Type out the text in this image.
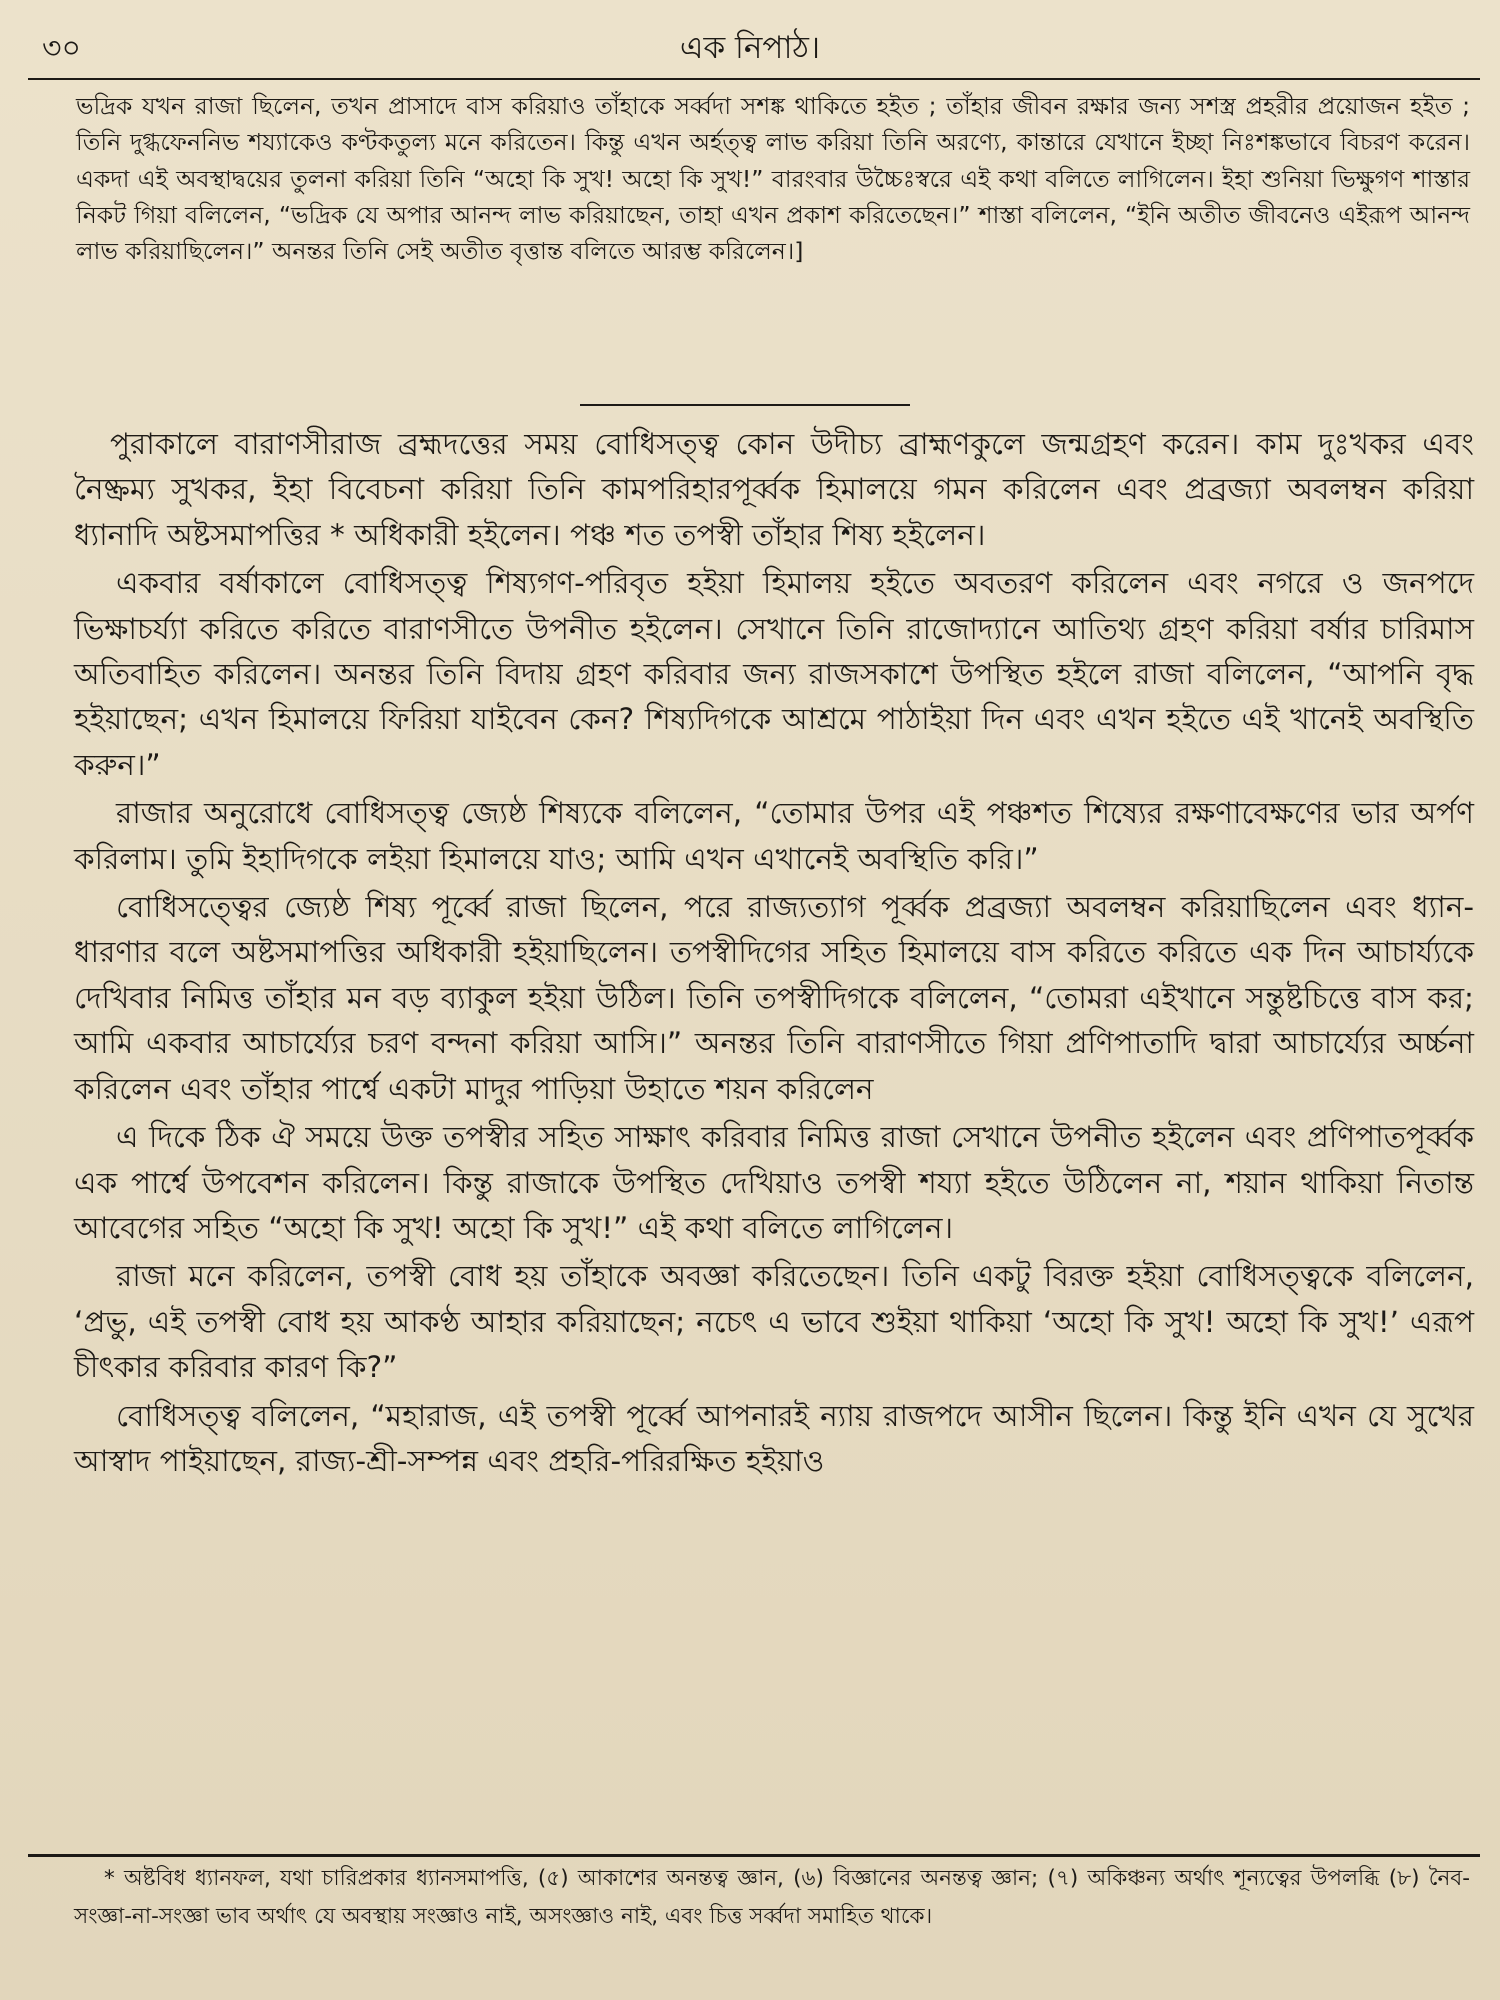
৩০	এক নিপাঠ।

ভদ্রিক যখন রাজা ছিলেন, তখন প্রাসাদে বাস করিয়াও তাঁহাকে সর্ব্বদা সশঙ্ক থাকিতে হইত ; তাঁহার জীবন রক্ষার জন্য সশস্ত্র প্রহরীর প্রয়োজন হইত ; তিনি দুগ্ধফেননিভ শয্যাকেও কণ্টকতুল্য মনে করিতেন। কিন্তু এখন অর্হত্ত্ব লাভ করিয়া তিনি অরণ্যে, কান্তারে যেখানে ইচ্ছা নিঃশঙ্কভাবে বিচরণ করেন। একদা এই অবস্থাদ্বয়ের তুলনা করিয়া তিনি “অহো কি সুখ! অহো কি সুখ!” বারংবার উচ্চৈঃস্বরে এই কথা বলিতে লাগিলেন। ইহা শুনিয়া ভিক্ষুগণ শাস্তার নিকট গিয়া বলিলেন, “ভদ্রিক যে অপার আনন্দ লাভ করিয়াছেন, তাহা এখন প্রকাশ করিতেছেন।” শাস্তা বলিলেন, “ইনি অতীত জীবনেও এইরূপ আনন্দ লাভ করিয়াছিলেন।” অনন্তর তিনি সেই অতীত বৃত্তান্ত বলিতে আরম্ভ করিলেন।]

পুরাকালে বারাণসীরাজ ব্রহ্মদত্তের সময় বোধিসত্ত্ব কোন উদীচ্য ব্রাহ্মণকুলে জন্মগ্রহণ করেন। কাম দুঃখকর এবং নৈষ্ক্রম্য সুখকর, ইহা বিবেচনা করিয়া তিনি কামপরিহারপূর্ব্বক হিমালয়ে গমন করিলেন এবং প্রব্রজ্যা অবলম্বন করিয়া ধ্যানাদি অষ্টসমাপত্তির * অধিকারী হইলেন। পঞ্চ শত তপস্বী তাঁহার শিষ্য হইলেন।

একবার বর্ষাকালে বোধিসত্ত্ব শিষ্যগণ-পরিবৃত হইয়া হিমালয় হইতে অবতরণ করিলেন এবং নগরে ও জনপদে ভিক্ষাচর্য্যা করিতে করিতে বারাণসীতে উপনীত হইলেন। সেখানে তিনি রাজোদ্যানে আতিথ্য গ্রহণ করিয়া বর্ষার চারিমাস অতিবাহিত করিলেন। অনন্তর তিনি বিদায় গ্রহণ করিবার জন্য রাজসকাশে উপস্থিত হইলে রাজা বলিলেন, “আপনি বৃদ্ধ হইয়াছেন; এখন হিমালয়ে ফিরিয়া যাইবেন কেন? শিষ্যদিগকে আশ্রমে পাঠাইয়া দিন এবং এখন হইতে এই খানেই অবস্থিতি করুন।”

রাজার অনুরোধে বোধিসত্ত্ব জ্যেষ্ঠ শিষ্যকে বলিলেন, “তোমার উপর এই পঞ্চশত শিষ্যের রক্ষণাবেক্ষণের ভার অর্পণ করিলাম। তুমি ইহাদিগকে লইয়া হিমালয়ে যাও; আমি এখন এখানেই অবস্থিতি করি।”

বোধিসত্ত্বের জ্যেষ্ঠ শিষ্য পূর্ব্বে রাজা ছিলেন, পরে রাজ্যত্যাগ পূর্ব্বক প্রব্রজ্যা অবলম্বন করিয়াছিলেন এবং ধ্যান-ধারণার বলে অষ্টসমাপত্তির অধিকারী হইয়াছিলেন। তপস্বীদিগের সহিত হিমালয়ে বাস করিতে করিতে এক দিন আচার্য্যকে দেখিবার নিমিত্ত তাঁহার মন বড় ব্যাকুল হইয়া উঠিল। তিনি তপস্বীদিগকে বলিলেন, “তোমরা এইখানে সন্তুষ্টচিত্তে বাস কর; আমি একবার আচার্য্যের চরণ বন্দনা করিয়া আসি।” অনন্তর তিনি বারাণসীতে গিয়া প্রণিপাতাদি দ্বারা আচার্য্যের অর্চ্চনা করিলেন এবং তাঁহার পার্শ্বে একটা মাদুর পাড়িয়া উহাতে শয়ন করিলেন

এ দিকে ঠিক ঐ সময়ে উক্ত তপস্বীর সহিত সাক্ষাৎ করিবার নিমিত্ত রাজা সেখানে উপনীত হইলেন এবং প্রণিপাতপূর্ব্বক এক পার্শ্বে উপবেশন করিলেন। কিন্তু রাজাকে উপস্থিত দেখিয়াও তপস্বী শয্যা হইতে উঠিলেন না, শয়ান থাকিয়া নিতান্ত আবেগের সহিত “অহো কি সুখ! অহো কি সুখ!” এই কথা বলিতে লাগিলেন।

রাজা মনে করিলেন, তপস্বী বোধ হয় তাঁহাকে অবজ্ঞা করিতেছেন। তিনি একটু বিরক্ত হইয়া বোধিসত্ত্বকে বলিলেন, ‘প্রভু, এই তপস্বী বোধ হয় আকণ্ঠ আহার করিয়াছেন; নচেৎ এ ভাবে শুইয়া থাকিয়া ‘অহো কি সুখ! অহো কি সুখ!’ এরূপ চীৎকার করিবার কারণ কি?”

বোধিসত্ত্ব বলিলেন, “মহারাজ, এই তপস্বী পূর্ব্বে আপনারই ন্যায় রাজপদে আসীন ছিলেন। কিন্তু ইনি এখন যে সুখের আস্বাদ পাইয়াছেন, রাজ্য-শ্রী-সম্পন্ন এবং প্রহরি-পরিরক্ষিত হইয়াও

* অষ্টবিধ ধ্যানফল, যথা চারিপ্রকার ধ্যানসমাপত্তি, (৫) আকাশের অনন্তত্ব জ্ঞান, (৬) বিজ্ঞানের অনন্তত্ব জ্ঞান; (৭) অকিঞ্চন্য অর্থাৎ শূন্যত্বের উপলব্ধি (৮) নৈব-সংজ্ঞা-না-সংজ্ঞা ভাব অর্থাৎ যে অবস্থায় সংজ্ঞাও নাই, অসংজ্ঞাও নাই, এবং চিত্ত সর্ব্বদা সমাহিত থাকে।
